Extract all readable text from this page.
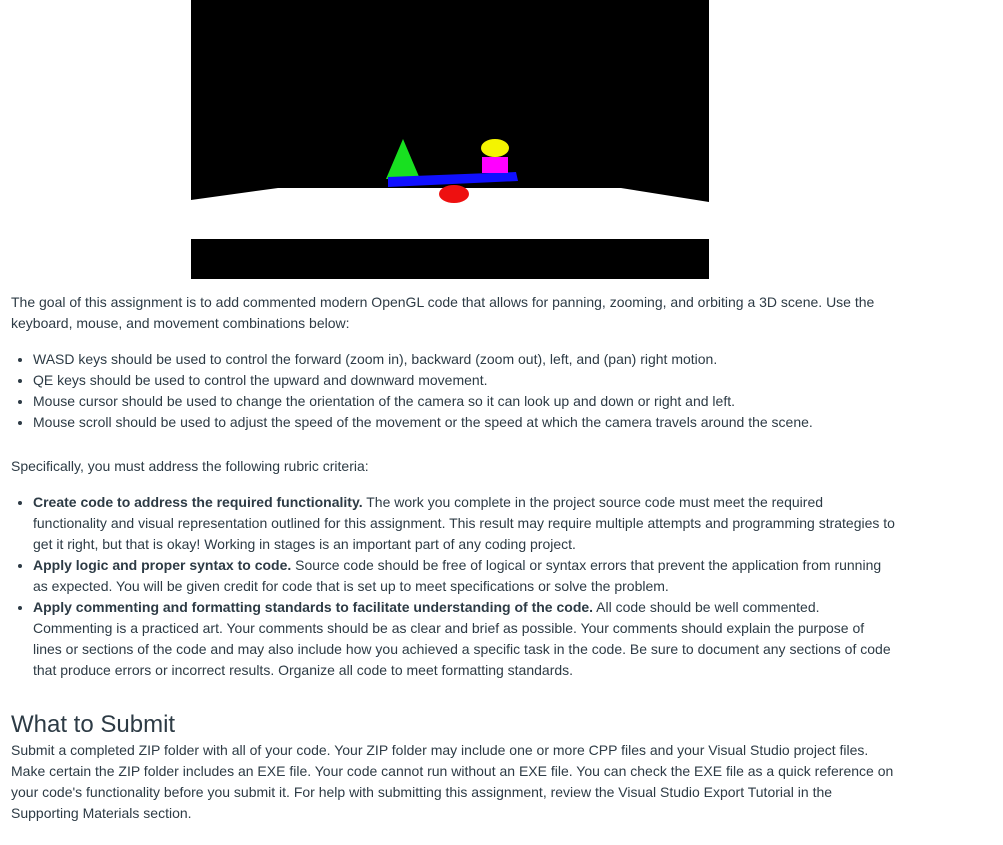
The goal of this assignment is to add commented modern OpenGL code that allows for panning, zooming, and orbiting a 3D scene. Use the keyboard, mouse, and movement combinations below:

• WASD keys should be used to control the forward (zoom in), backward (zoom out), left, and (pan) right motion.
• QE keys should be used to control the upward and downward movement.
• Mouse cursor should be used to change the orientation of the camera so it can look up and down or right and left.
• Mouse scroll should be used to adjust the speed of the movement or the speed at which the camera travels around the scene.

Specifically, you must address the following rubric criteria:

• Create code to address the required functionality. The work you complete in the project source code must meet the required functionality and visual representation outlined for this assignment. This result may require multiple attempts and programming strategies to get it right, but that is okay! Working in stages is an important part of any coding project.
• Apply logic and proper syntax to code. Source code should be free of logical or syntax errors that prevent the application from running as expected. You will be given credit for code that is set up to meet specifications or solve the problem.
• Apply commenting and formatting standards to facilitate understanding of the code. All code should be well commented. Commenting is a practiced art. Your comments should be as clear and brief as possible. Your comments should explain the purpose of lines or sections of the code and may also include how you achieved a specific task in the code. Be sure to document any sections of code that produce errors or incorrect results. Organize all code to meet formatting standards.
What to Submit

Submit a completed ZIP folder with all of your code. Your ZIP folder may include one or more CPP files and your Visual Studio project files. Make certain the ZIP folder includes an EXE file. Your code cannot run without an EXE file. You can check the EXE file as a quick reference on your code's functionality before you submit it. For help with submitting this assignment, review the Visual Studio Export Tutorial in the Supporting Materials section.
